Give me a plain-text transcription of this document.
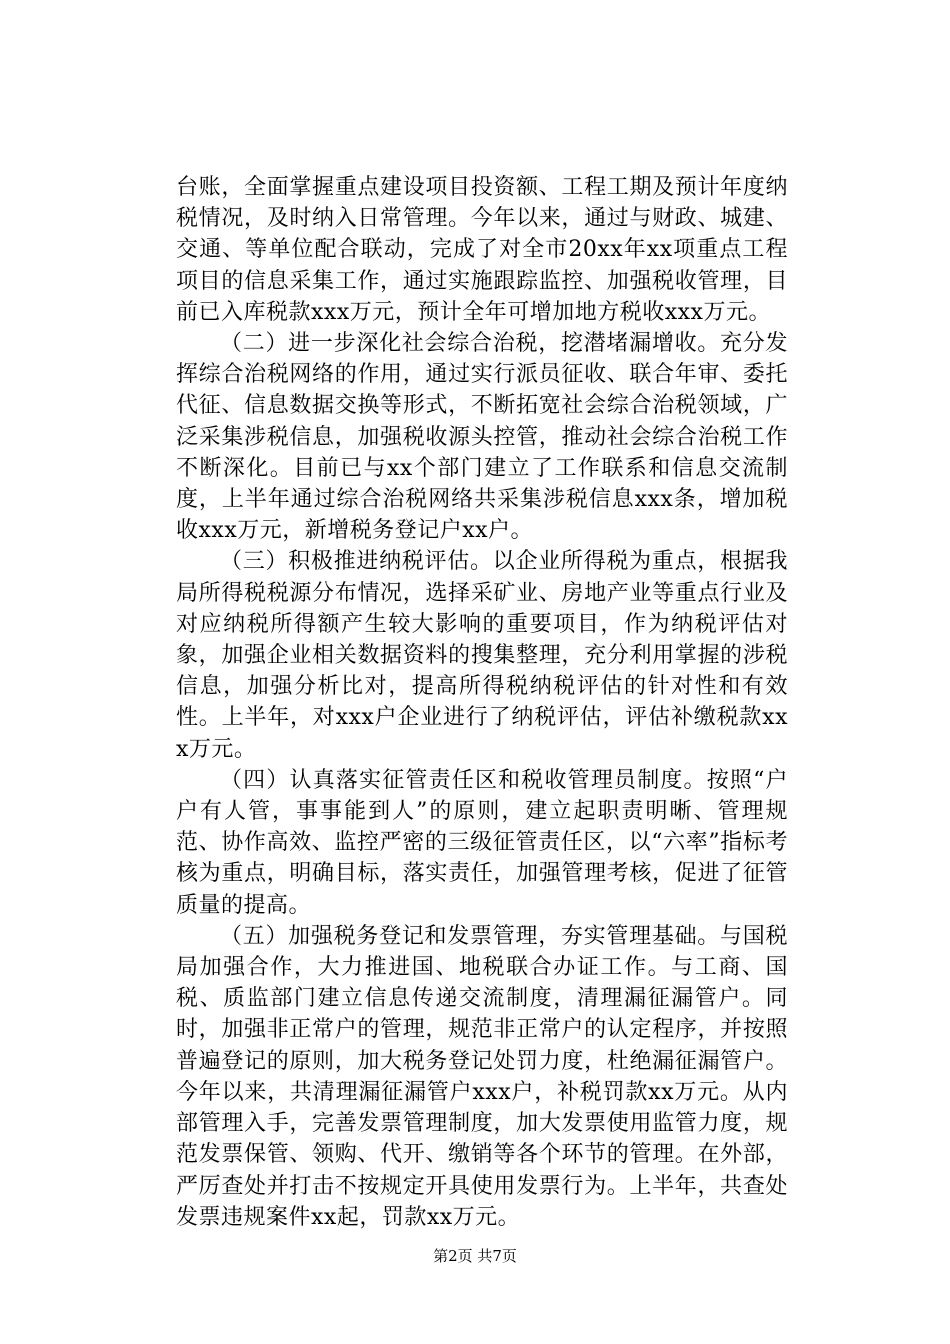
台账，全面掌握重点建设项目投资额、工程工期及预计年度纳税情况，及时纳入日常管理。今年以来，通过与财政、城建、交通、等单位配合联动，完成了对全市20xx年xx项重点工程项目的信息采集工作，通过实施跟踪监控、加强税收管理，目前已入库税款xxx万元，预计全年可增加地方税收xxx万元。

（二）进一步深化社会综合治税，挖潜堵漏增收。充分发挥综合治税网络的作用，通过实行派员征收、联合年审、委托代征、信息数据交换等形式，不断拓宽社会综合治税领域，广泛采集涉税信息，加强税收源头控管，推动社会综合治税工作不断深化。目前已与xx个部门建立了工作联系和信息交流制度，上半年通过综合治税网络共采集涉税信息xxx条，增加税收xxx万元，新增税务登记户xx户。

（三）积极推进纳税评估。以企业所得税为重点，根据我局所得税税源分布情况，选择采矿业、房地产业等重点行业及对应纳税所得额产生较大影响的重要项目，作为纳税评估对象，加强企业相关数据资料的搜集整理，充分利用掌握的涉税信息，加强分析比对，提高所得税纳税评估的针对性和有效性。上半年，对xxx户企业进行了纳税评估，评估补缴税款xxx万元。

（四）认真落实征管责任区和税收管理员制度。按照“户户有人管，事事能到人”的原则，建立起职责明晰、管理规范、协作高效、监控严密的三级征管责任区，以“六率”指标考核为重点，明确目标，落实责任，加强管理考核，促进了征管质量的提高。

（五）加强税务登记和发票管理，夯实管理基础。与国税局加强合作，大力推进国、地税联合办证工作。与工商、国税、质监部门建立信息传递交流制度，清理漏征漏管户。同时，加强非正常户的管理，规范非正常户的认定程序，并按照普遍登记的原则，加大税务登记处罚力度，杜绝漏征漏管户。今年以来，共清理漏征漏管户xxx户，补税罚款xx万元。从内部管理入手，完善发票管理制度，加大发票使用监管力度，规范发票保管、领购、代开、缴销等各个环节的管理。在外部，严厉查处并打击不按规定开具使用发票行为。上半年，共查处发票违规案件xx起，罚款xx万元。

第2页 共7页
